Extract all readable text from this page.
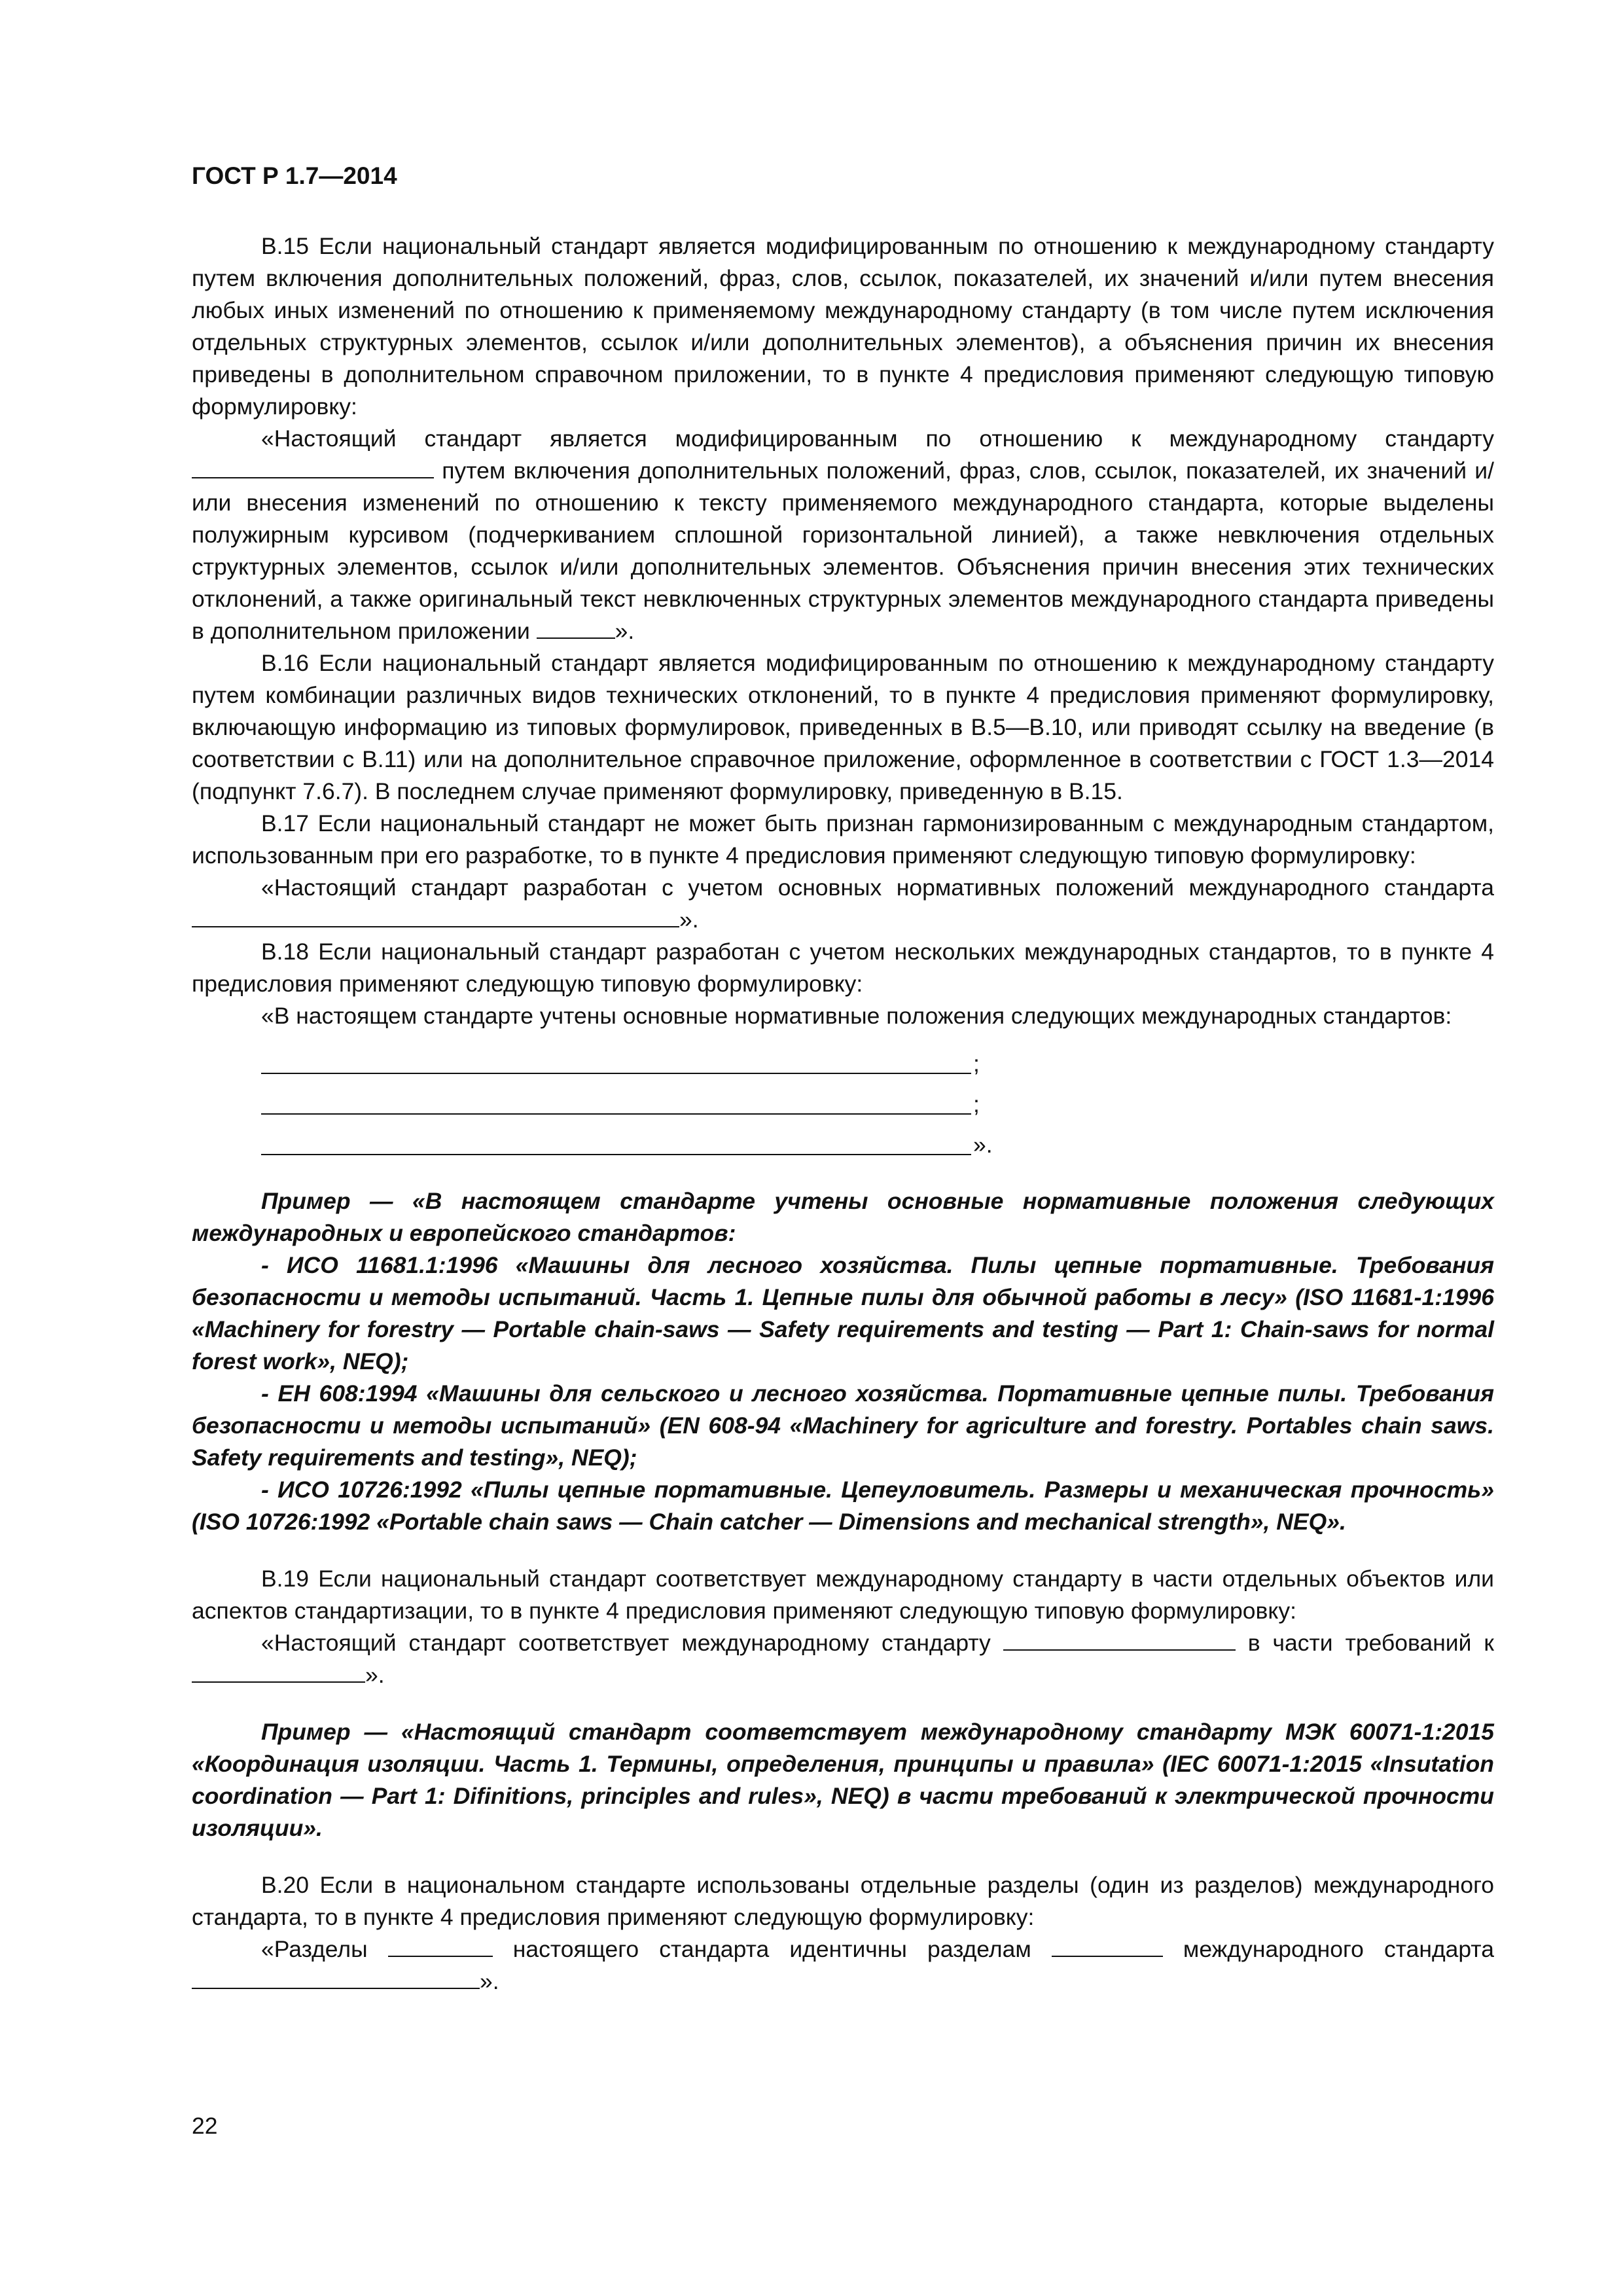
ГОСТ Р 1.7—2014

В.15 Если национальный стандарт является модифицированным по отношению к международному стандарту путем включения дополнительных положений, фраз, слов, ссылок, показателей, их значений и/или путем внесения любых иных изменений по отношению к применяемому международному стандарту (в том числе путем исключения отдельных структурных элементов, ссылок и/или дополнительных элементов), а объяснения причин их внесения приведены в дополнительном справочном приложении, то в пункте 4 предисловия применяют следующую типовую формулировку:

«Настоящий стандарт является модифицированным по отношению к международному стандарту  путем включения дополнительных положений, фраз, слов, ссылок, показателей, их значений и/или внесения изменений по отношению к тексту применяемого международного стандарта, которые выделены полужирным курсивом (подчеркиванием сплошной горизонтальной линией), а также невключения отдельных структурных элементов, ссылок и/или дополнительных элементов. Объяснения причин внесения этих технических отклонений, а также оригинальный текст невключенных структурных элементов международного стандарта приведены в дополнительном приложении	».

В.16 Если национальный стандарт является модифицированным по отношению к международному стандарту путем комбинации различных видов технических отклонений, то в пункте 4 предисловия применяют формулировку, включающую информацию из типовых формулировок, приведенных в В.5—В.10, или приводят ссылку на введение (в соответствии с В.11) или на дополнительное справочное приложение, оформленное в соответствии с ГОСТ 1.3—2014 (подпункт 7.6.7). В последнем случае применяют формулировку, приведенную в В.15.

В.17 Если национальный стандарт не может быть признан гармонизированным с международным стандартом, использованным при его разработке, то в пункте 4 предисловия применяют следующую типовую формулировку:

«Настоящий стандарт разработан с учетом основных нормативных положений международного стандарта ».

В.18 Если национальный стандарт разработан с учетом нескольких международных стандартов, то в пункте 4 предисловия применяют следующую типовую формулировку:

«В настоящем стандарте учтены основные нормативные положения следующих международных стандартов:

;
;
».

Пример — «В настоящем стандарте учтены основные нормативные положения следующих международных и европейского стандартов:

- ИСО 11681.1:1996 «Машины для лесного хозяйства. Пилы цепные портативные. Требования безопасности и методы испытаний. Часть 1. Цепные пилы для обычной работы в лесу» (ISO 11681-1:1996 «Machinery for forestry — Portable chain-saws — Safety requirements and testing — Part 1: Chain-saws for normal forest work», NEQ);

- ЕН 608:1994 «Машины для сельского и лесного хозяйства. Портативные цепные пилы. Требования безопасности и методы испытаний» (EN 608-94 «Machinery for agriculture and forestry. Portables chain saws. Safety requirements and testing», NEQ);

- ИСО 10726:1992 «Пилы цепные портативные. Цепеуловитель. Размеры и механическая прочность» (ISO 10726:1992 «Portable chain saws — Chain catcher — Dimensions and mechanical strength», NEQ».

В.19 Если национальный стандарт соответствует международному стандарту в части отдельных объектов или аспектов стандартизации, то в пункте 4 предисловия применяют следующую типовую формулировку:

«Настоящий стандарт соответствует международному стандарту	в части требований к ».

Пример — «Настоящий стандарт соответствует международному стандарту МЭК 60071-1:2015 «Координация изоляции. Часть 1. Термины, определения, принципы и правила» (IEC 60071-1:2015 «Insutation coordination — Part 1: Difinitions, principles and rules», NEQ) в части требований к электрической прочности изоляции».

В.20 Если в национальном стандарте использованы отдельные разделы (один из разделов) международного стандарта, то в пункте 4 предисловия применяют следующую формулировку:

«Разделы	настоящего стандарта идентичны разделам	международного стандарта ».

22
